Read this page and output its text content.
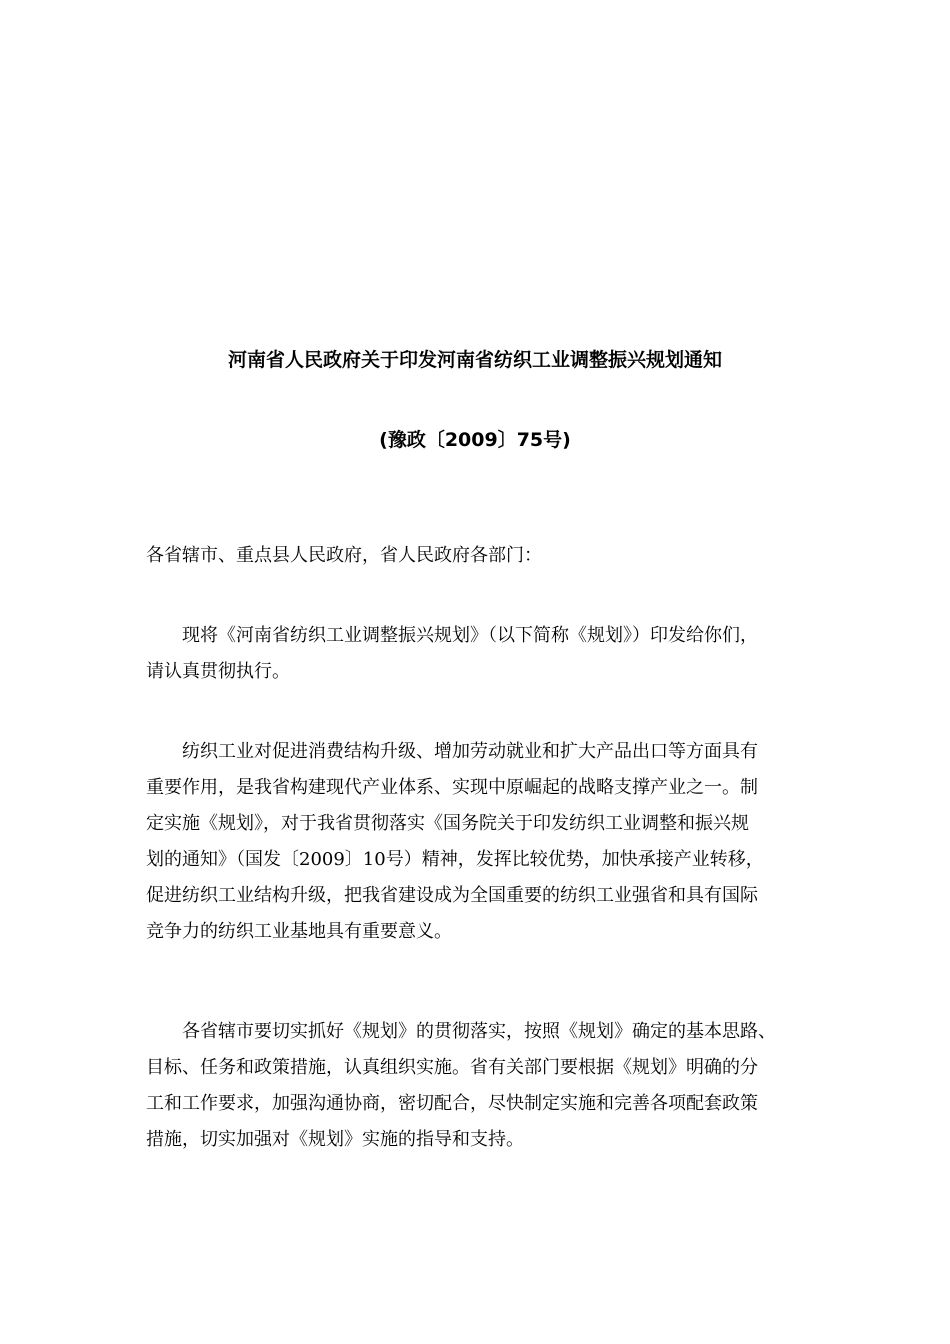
河南省人民政府关于印发河南省纺织工业调整振兴规划通知
(豫政〔2009〕75号)
各省辖市、重点县人民政府，省人民政府各部门：
现将《河南省纺织工业调整振兴规划》（以下简称《规划》）印发给你们，
请认真贯彻执行。
纺织工业对促进消费结构升级、增加劳动就业和扩大产品出口等方面具有
重要作用，是我省构建现代产业体系、实现中原崛起的战略支撑产业之一。制
定实施《规划》，对于我省贯彻落实《国务院关于印发纺织工业调整和振兴规
划的通知》（国发〔2009〕10号）精神，发挥比较优势，加快承接产业转移，
促进纺织工业结构升级，把我省建设成为全国重要的纺织工业强省和具有国际
竞争力的纺织工业基地具有重要意义。
各省辖市要切实抓好《规划》的贯彻落实，按照《规划》确定的基本思路、
目标、任务和政策措施，认真组织实施。省有关部门要根据《规划》明确的分
工和工作要求，加强沟通协商，密切配合，尽快制定实施和完善各项配套政策
措施，切实加强对《规划》实施的指导和支持。
